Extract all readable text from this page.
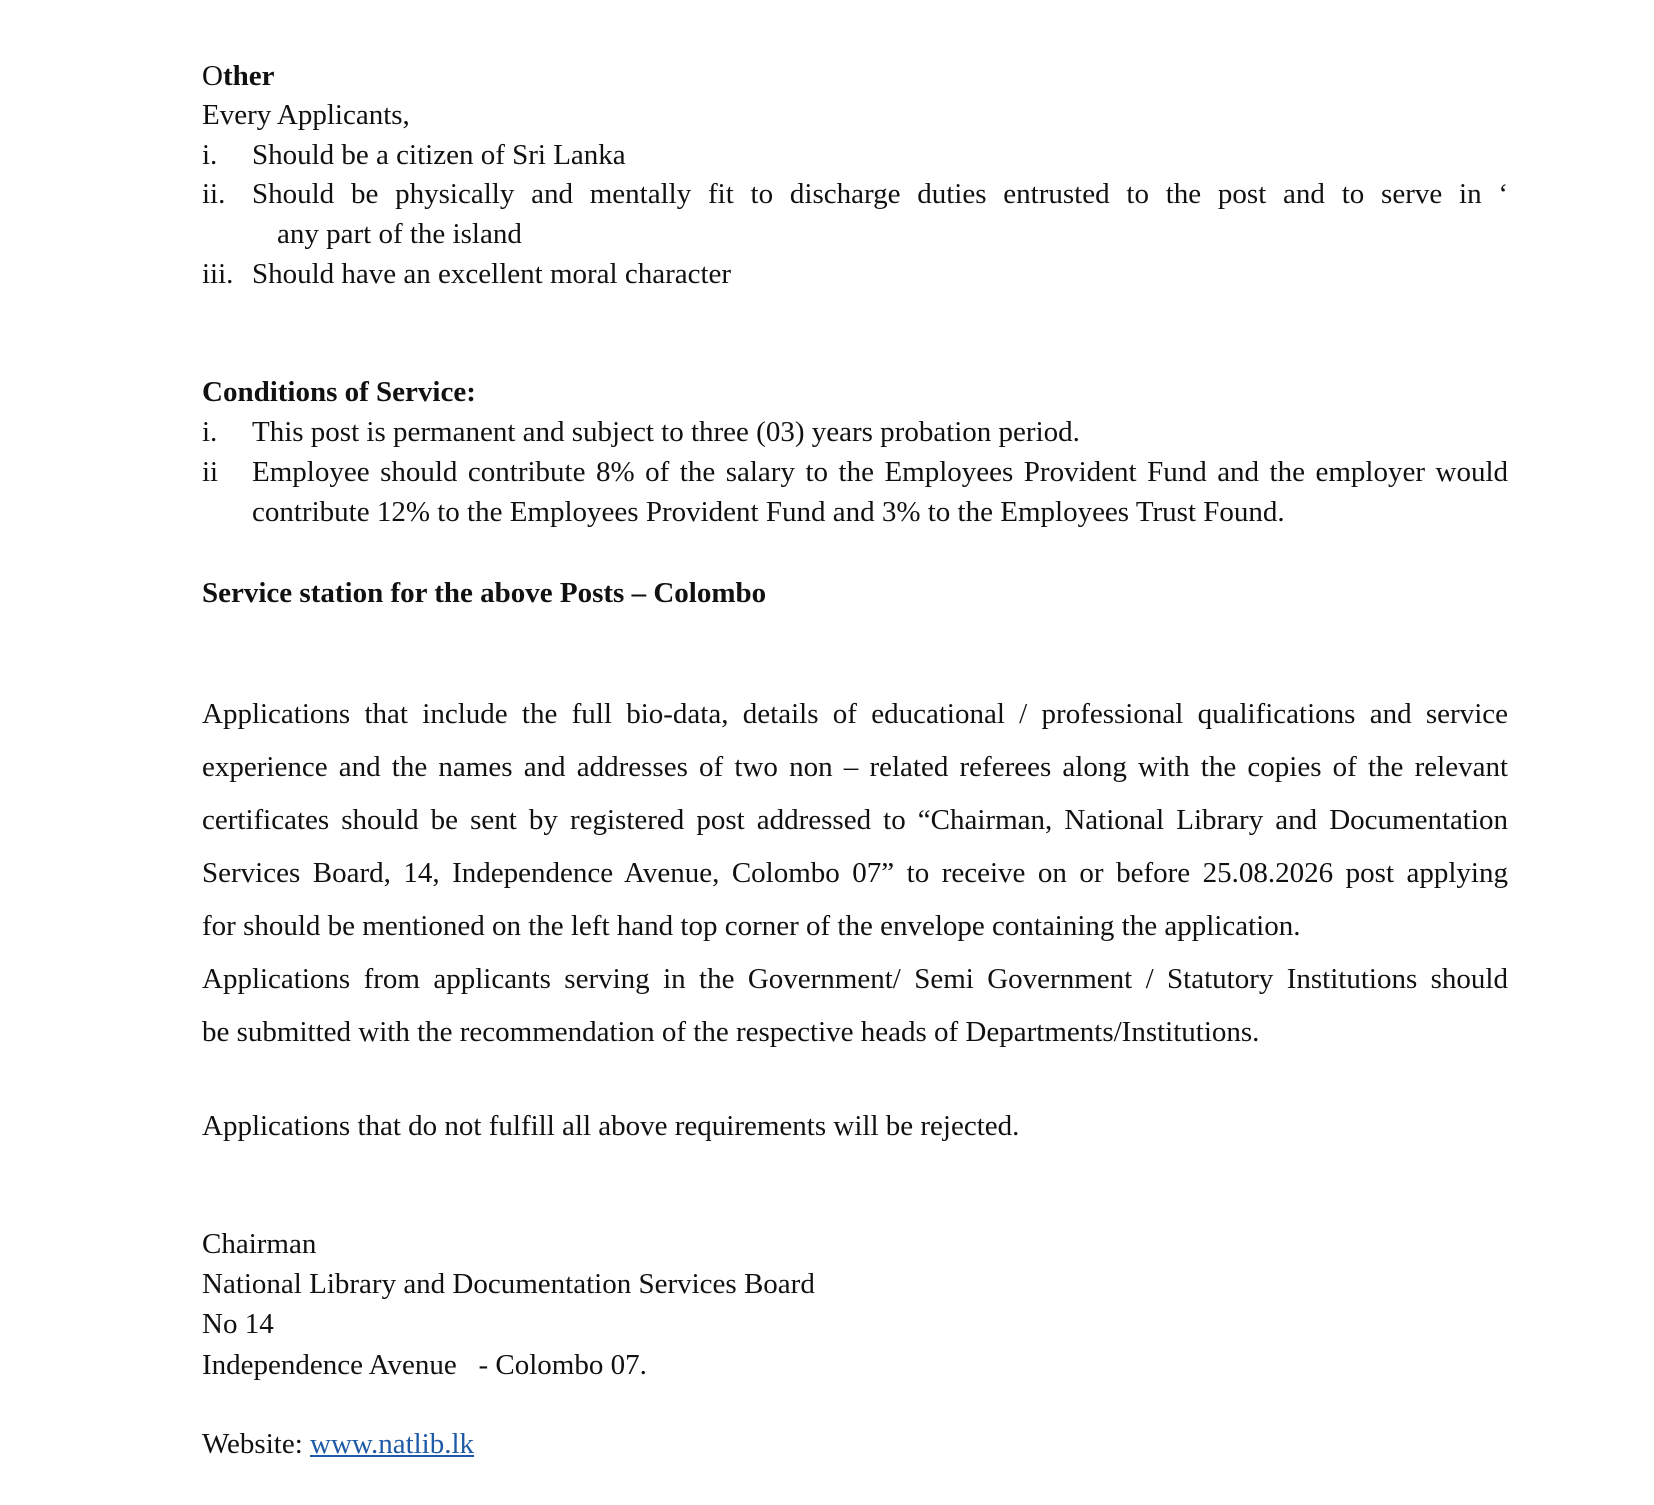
Other
Every Applicants,
i. Should be a citizen of Sri Lanka
ii. Should be physically and mentally fit to discharge duties entrusted to the post and to serve in ‘
any part of the island
iii. Should have an excellent moral character
Conditions of Service:
i. This post is permanent and subject to three (03) years probation period.
ii Employee should contribute 8% of the salary to the Employees Provident Fund and the employer would
contribute 12% to the Employees Provident Fund and 3% to the Employees Trust Found.
Service station for the above Posts – Colombo
Applications that include the full bio-data, details of educational / professional qualifications and service
experience and the names and addresses of two non – related referees along with the copies of the relevant
certificates should be sent by registered post addressed to “Chairman, National Library and Documentation
Services Board, 14, Independence Avenue, Colombo 07” to receive on or before 25.08.2026 post applying
for should be mentioned on the left hand top corner of the envelope containing the application.
Applications from applicants serving in the Government/ Semi Government / Statutory Institutions should
be submitted with the recommendation of the respective heads of Departments/Institutions.
Applications that do not fulfill all above requirements will be rejected.
Chairman
National Library and Documentation Services Board
No 14
Independence Avenue   - Colombo 07.
Website: www.natlib.lk
